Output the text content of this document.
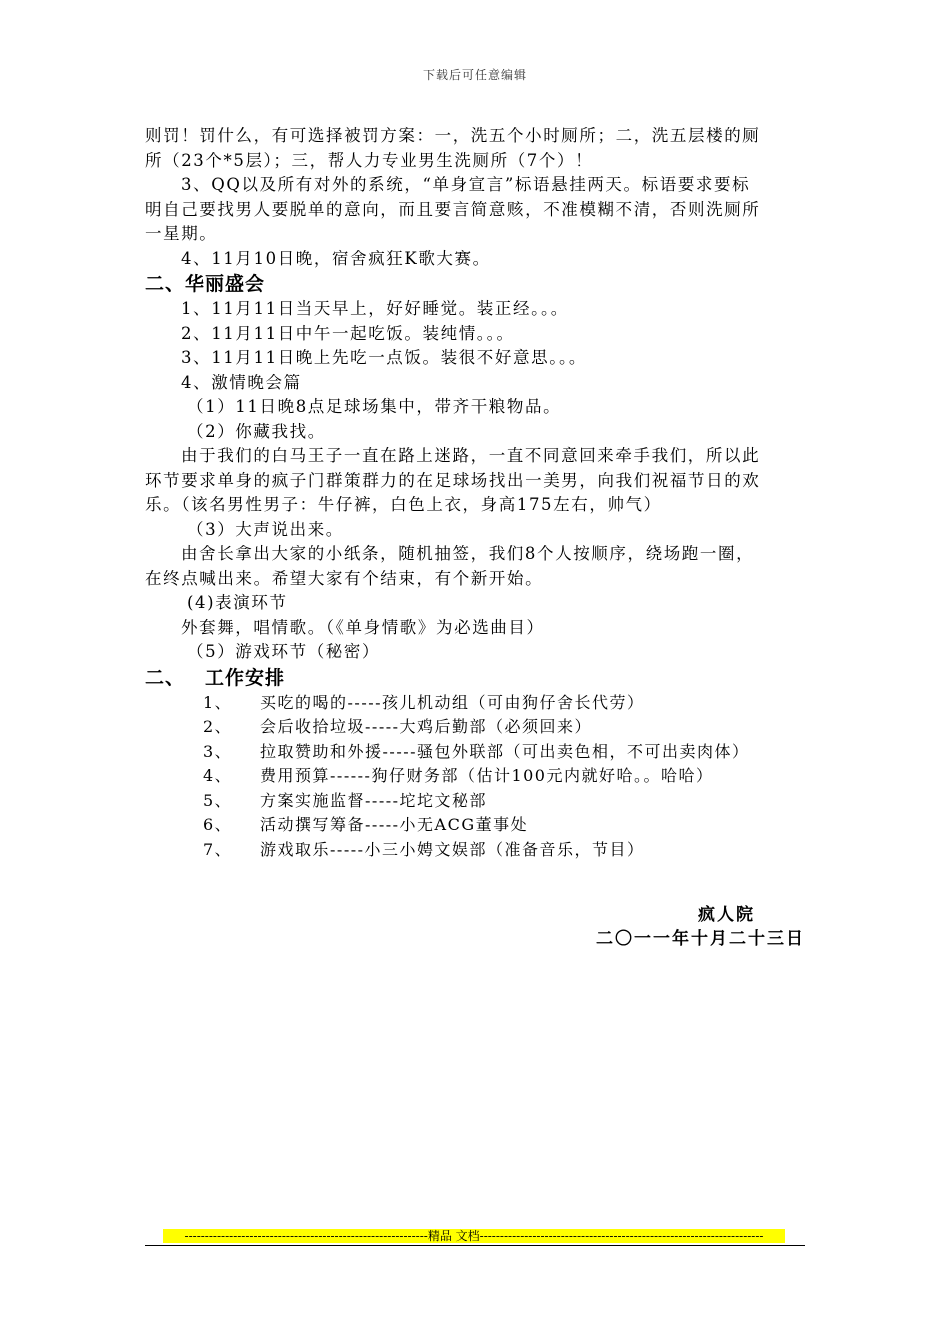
下载后可任意编辑

则罚！罚什么，有可选择被罚方案：一，洗五个小时厕所；二，洗五层楼的厕

所（23个*5层）；三，帮人力专业男生洗厕所（7个）！

3、QQ以及所有对外的系统，“单身宣言”标语悬挂两天。标语要求要标

明自己要找男人要脱单的意向，而且要言简意赅，不准模糊不清，否则洗厕所

一星期。

4、11月10日晚，宿舍疯狂K歌大赛。

二、华丽盛会

1、11月11日当天早上，好好睡觉。装正经。。。

2、11月11日中午一起吃饭。装纯情。。。

3、11月11日晚上先吃一点饭。装很不好意思。。。

4、激情晚会篇

（1）11日晚8点足球场集中，带齐干粮物品。

（2）你藏我找。

由于我们的白马王子一直在路上迷路，一直不同意回来牵手我们，所以此

环节要求单身的疯子门群策群力的在足球场找出一美男，向我们祝福节日的欢

乐。（该名男性男子：牛仔裤，白色上衣，身高175左右，帅气）

（3）大声说出来。

由舍长拿出大家的小纸条，随机抽签，我们8个人按顺序，绕场跑一圈，

在终点喊出来。希望大家有个结束，有个新开始。

(4)表演环节

外套舞，唱情歌。（《单身情歌》为必选曲目）

（5）游戏环节（秘密）

二、 工作安排

1、	买吃的喝的-----孩儿机动组（可由狗仔舍长代劳）
2、	会后收拾垃圾-----大鸡后勤部（必须回来）
3、	拉取赞助和外援-----骚包外联部（可出卖色相，不可出卖肉体）
4、	费用预算------狗仔财务部（估计100元内就好哈。。哈哈）
5、	方案实施监督-----坨坨文秘部
6、	活动撰写筹备-----小无ACG董事处
7、	游戏取乐-----小三小娉文娱部（准备音乐，节目）
疯人院
二〇一一年十月二十三日
------------------------------------------------------------精品 文档----------------------------------------------------------------------
